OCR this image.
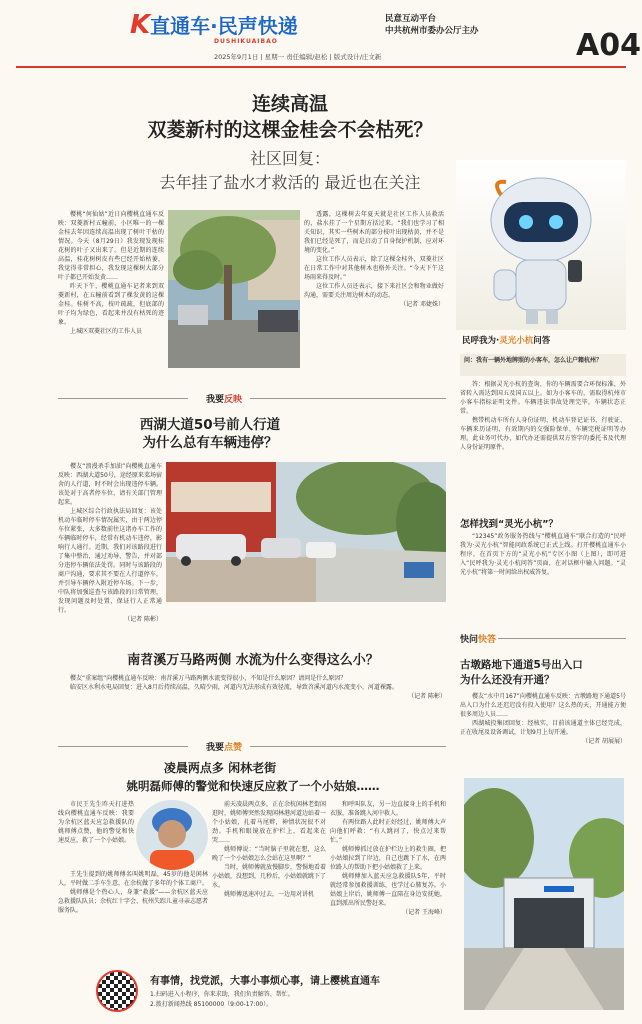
K直通车·民声快递
DUSHIKUAIBAO
民意互动平台
中共杭州市委办公厅主办	A04
2025年9月1日 | 星期一 责任编辑/赵松 | 版式设计/庄文新
连续高温
双菱新村的这棵金桂会不会枯死？
社区回复：
去年挂了盐水才救活的 最近也在关注

樱桃“何仙姑”近日向樱桃直通车反映：双菱新村五幢前，小区唯一的一棵金桂去年因连续高温出现了树叶干枯的情况。今天（8月29日）我发现发现桂花树的叶子又出来了。但是近期的连续高温，桂花树树皮有些已经开始枯萎，我觉得非常担心，我发现这棵树大部分叶子都已开始发黄……

昨天下午，樱桃直通车记者来到双菱新村，在五幢前看到了棵发黄的这棵金桂。桂树不高，枝叶疏疏，但底部的叶子均为绿色，看起来并没有枯死的迹象。

上城区双菱社区的工作人员

透露，这棵树去年夏天就是社区工作人员救活的，盐水挂了一个星期方括过来。“我们也学习了相关知识，其实一些树木的部分枝叶出现枯黄，并不是我们已经是死了，而是启动了自身保护机制，应对环境的变化。”

这位工作人员表示，除了这棵金桂外，双菱社区在日常工作中对其他树木也格外关注。“今天下午这场雨来得及时。”

这位工作人员还表示，接下来社区会和物业做好沟通，需要关注周边树木的动态。

（记者 邓婕姝）
我要反映
西湖大道50号前人行道
为什么总有车辆违停？

樱友“浪漫杀手加油”向樱桃直通车反映：西湖大道50号，途经原来菜场宿舍的人行道，时不时会出现违停车辆。该处对于高者停车位，请有关部门管理起来。

上城区综合行政执法局回复：该处机动车临时停车情况属实，由于两边停车位紧张，大多数前往这诸办车工作的车辆临时停车，经常有机动车违停，影响行人通行。近期，我们对该路段进行了集中整治，通过劝导、警告，并对部分违停车辆依法处罚。同时与该路段的商户沟通，要求其不要在人行道停车，并引导车辆停入附近停车场。下一步，中队将加强巡查与该路段的日常管理，发现问题及时处置，保证行人正常通行。

（记者 陈彬）
南苕溪万马路两侧 水流为什么变得这么小？

樱友“重案组”向樱桃直通车反映：南苕溪万马路两侧水流变得很小，不知是什么原因？请问是什么原因？

临安区水利水电局回复：进入8月后持续高温，久晴少雨，河道内无法形成有效径流，导致苕溪河道内水流变小、河道裸露。

（记者 陈彬）
我要点赞
凌晨两点多 闲林老街
姚明磊师傅的警觉和快速反应救了一个小姑娘……

市民王先生昨天打进热线向樱桃直通车反映：我要为余杭区蓝天应急救援队的姚师傅点赞，他的警觉和快速反应，救了一个小姑娘。

王先生提到的姚师傅名叫姚明磊，45岁的他是闲林人，平时做二手车生意，在余杭做了多年的个体工商户。

姚师傅是个热心人，身兼“救援”——余杭区蓝天应急救援队队员；余杭红十字会、杭州失踪儿童寻亲志愿者服务队。

前天凌晨两点多，正在余杭闲林老街闲逛时，姚师傅突然发现闲林港河道边站着一个小姑娘，扎着马尾辫，神情状况很不对劲。手机和眼镜放在护栏上，看起来在哭……

姚师傅说：“当时脑子里就在想，这么晚了一个小姑娘怎么会站在这里啊？”

当时，姚师傅就放慢脚步，警惕地看着小姑娘，没想到，几秒后，小姑娘就跳下了水。

姚师傅迅速冲过去，一边用对讲机

和呼叫队友，另一边直接身上的手机和衣服，准备跳入河中救人。

有两位路人此时正好经过，姚师傅大声向他们呼救：“有人跳河了，快点过来帮忙。”

姚师傅抓过放在护栏边上的救生圈，把小姑娘拉到了岸边，自己也跳下了水，在两位路人的帮助下把小姑娘救了上来。

姚师傅加入蓝天应急救援队5年，平时就经常参加救援训练，也学过心肺复苏。小姑娘上岸后，姚师傅一直陪在身边安抚她，直到派出所民警赶来。

（记者 王海峰）
有事情，找党派，大事小事烦心事，请上樱桃直通车
1.扫码进入小程序，你来求助，我们负责解答、帮忙。
2.拨打新闻热线 85100000（9:00-17:00）。
民呼我为·灵光小杭问答
问：我有一辆外地牌照的小客车，怎么让户籍杭州？

答：根据灵光小杭的查询，你的车辆需要合环保标准，外省转入需达到国五及国五以上。如为小客车的，需取得杭州市小客车指标证明文件。车辆违法事故处理完毕，车辆状态正常。

携带机动车所有人身份证明、机动车登记证书、行驶证、车辆来历证明、有效期内的交强险保单、车辆完税证明等办理。此业务可代办，如代办还需提供双方签字的委托书及代理人身份证明原件。

怎样找到“灵光小杭”？

“12345”政务服务热线与“樱桃直通车”联合打造的“民呼我为·灵光小杭”智能问政系统已正式上线。打开樱桃直通车小程序，在首页下方的“灵光小杭”专区小图（上图），即可进入“民呼我为·灵光小杭问答”页面，在对话框中输入问题。“灵光小杭”将第一时间给出权威答复。

快问快答
古墩路地下通道5号出入口
为什么还没有开通？

樱友“水中月167”向樱桃直通车反映：古墩路地下通道5号出入口为什么还迟迟没有投入使用？这么热的天，开通能方便很多周边人员……

西湖城投集团回复：经核实，目前该通道主体已经完成，正在收尾及设备调试，计划9月上旬开通。

（记者 胡展展）
